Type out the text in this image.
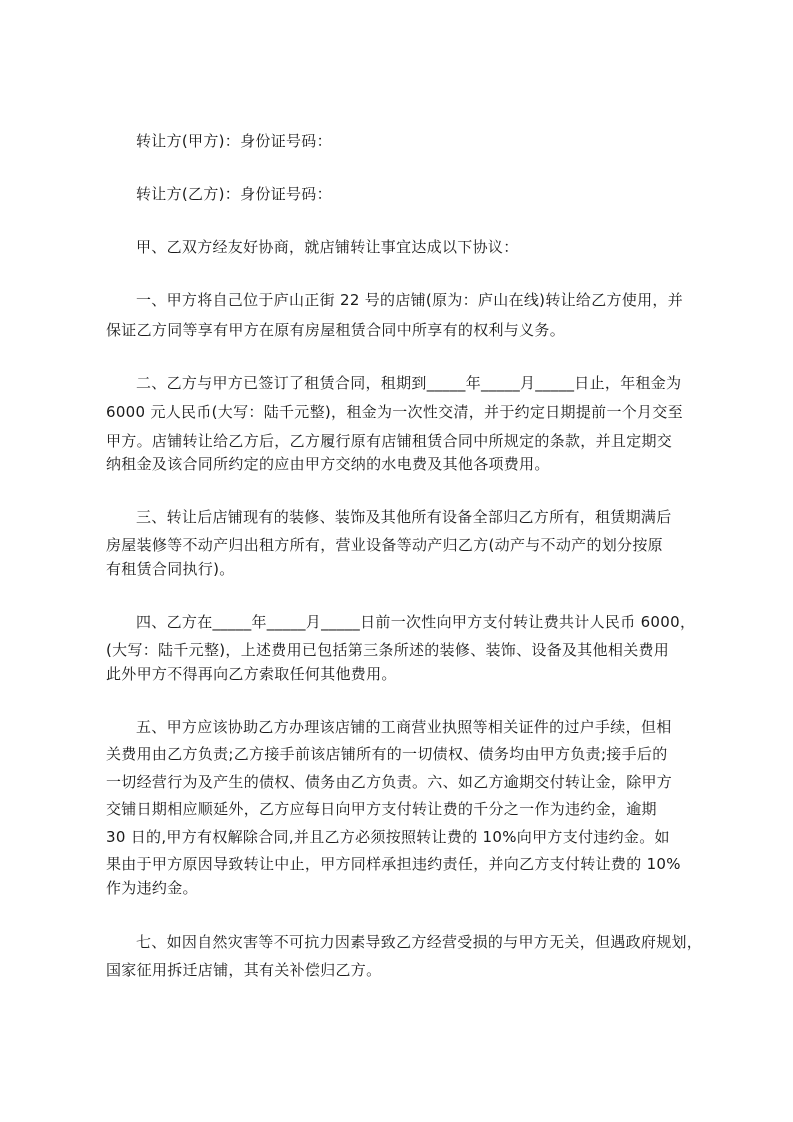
转让方(甲方)：身份证号码：
转让方(乙方)：身份证号码：
甲、乙双方经友好协商，就店铺转让事宜达成以下协议：
一、甲方将自己位于庐山正街 22 号的店铺(原为：庐山在线)转让给乙方使用，并
保证乙方同等享有甲方在原有房屋租赁合同中所享有的权利与义务。
二、乙方与甲方已签订了租赁合同，租期到_____年_____月_____日止，年租金为
6000 元人民币(大写：陆千元整)，租金为一次性交清，并于约定日期提前一个月交至
甲方。店铺转让给乙方后，乙方履行原有店铺租赁合同中所规定的条款，并且定期交
纳租金及该合同所约定的应由甲方交纳的水电费及其他各项费用。
三、转让后店铺现有的装修、装饰及其他所有设备全部归乙方所有，租赁期满后
房屋装修等不动产归出租方所有，营业设备等动产归乙方(动产与不动产的划分按原
有租赁合同执行)。
四、乙方在_____年_____月_____日前一次性向甲方支付转让费共计人民币 6000，
(大写：陆千元整)，上述费用已包括第三条所述的装修、装饰、设备及其他相关费用
此外甲方不得再向乙方索取任何其他费用。
五、甲方应该协助乙方办理该店铺的工商营业执照等相关证件的过户手续，但相
关费用由乙方负责;乙方接手前该店铺所有的一切债权、债务均由甲方负责;接手后的
一切经营行为及产生的债权、债务由乙方负责。六、如乙方逾期交付转让金，除甲方
交铺日期相应顺延外，乙方应每日向甲方支付转让费的千分之一作为违约金，逾期
30 日的,甲方有权解除合同,并且乙方必须按照转让费的 10%向甲方支付违约金。如
果由于甲方原因导致转让中止，甲方同样承担违约责任，并向乙方支付转让费的 10%
作为违约金。
七、如因自然灾害等不可抗力因素导致乙方经营受损的与甲方无关，但遇政府规划，
国家征用拆迁店铺，其有关补偿归乙方。
